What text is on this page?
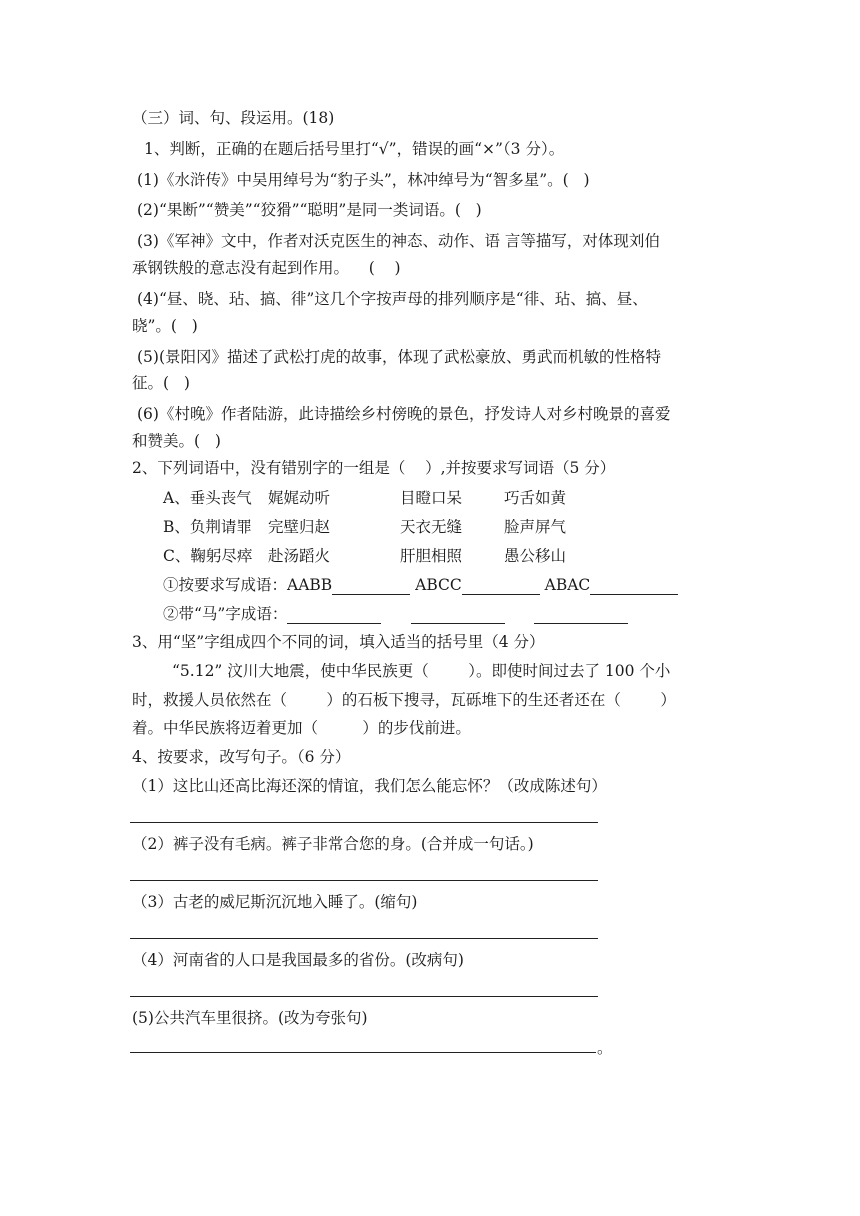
（三）词、句、段运用。(18)
1、判断，正确的在题后括号里打“√”，错误的画“×”（3 分）。
(1)《水浒传》中吴用绰号为“豹子头”，林冲绰号为“智多星”。(   )
(2)“果断”“赞美”“狡猾”“聪明”是同一类词语。(   )
(3)《军神》文中，作者对沃克医生的神态、动作、语 言等描写，对体现刘伯
承钢铁般的意志没有起到作用。    (    )
(4)“昼、晓、玷、搞、徘”这几个字按声母的排列顺序是“徘、玷、搞、昼、
晓”。(   )
(5)(景阳冈》描述了武松打虎的故事，体现了武松豪放、勇武而机敏的性格特
征。(   )
(6)《村晚》作者陆游，此诗描绘乡村傍晚的景色，抒发诗人对乡村晚景的喜爱
和赞美。(   )
2、下列词语中，没有错别字的一组是（    ）,并按要求写词语（5 分）
A、垂头丧气 娓娓动听	目瞪口呆	巧舌如黄
B、负荆请罪 完壁归赵	天衣无缝	脸声屏气
C、鞠躬尽瘁 赴汤蹈火	肝胆相照	愚公移山
①按要求写成语：AABB	ABCC	ABAC
②带“马”字成语：
3、用“坚”字组成四个不同的词，填入适当的括号里（4 分）
“5.12” 汶川大地震，使中华民族更（        ）。即使时间过去了 100 个小
时，救援人员依然在（        ）的石板下搜寻，瓦砾堆下的生还者还在（        ）
着。中华民族将迈着更加（         ）的步伐前进。
4、按要求，改写句子。（6 分）
（1）这比山还高比海还深的情谊，我们怎么能忘怀？（改成陈述句）
（2）裤子没有毛病。裤子非常合您的身。(合并成一句话。)
（3）古老的威尼斯沉沉地入睡了。(缩句)
（4）河南省的人口是我国最多的省份。(改病句)
(5)公共汽车里很挤。(改为夸张句)
。
